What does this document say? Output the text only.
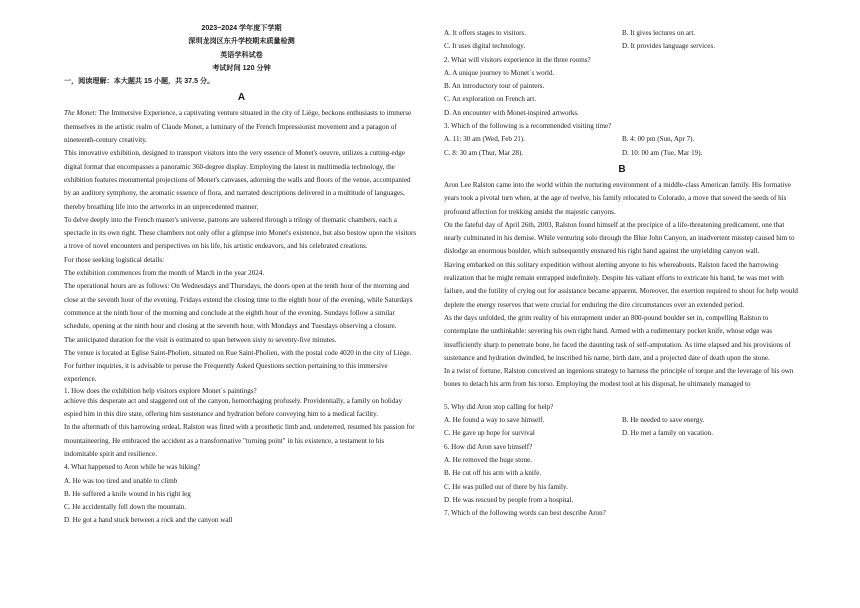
2023−2024 学年度下学期

深圳龙岗区东升学校期末质量检测

英语学科试卷

考试时间 120 分钟

一，阅读理解：本大题共 15 小题，共 37.5 分。

A

The Monet: The Immersive Experience, a captivating venture situated in the city of Liège, beckons enthusiasts to immerse themselves in the artistic realm of Claude Monet, a luminary of the French Impressionist movement and a paragon of nineteenth-century creativity.

This innovative exhibition, designed to transport visitors into the very essence of Monet's oeuvre, utilizes a cutting-edge digital format that encompasses a panoramic 360-degree display. Employing the latest in multimedia technology, the exhibition features monumental projections of Monet's canvases, adorning the walls and floors of the venue, accompanied by an auditory symphony, the aromatic essence of flora, and narrated descriptions delivered in a multitude of languages, thereby breathing life into the artworks in an unprecedented manner.

To delve deeply into the French master's universe, patrons are ushered through a trilogy of thematic chambers, each a spectacle in its own right. These chambers not only offer a glimpse into Monet's existence, but also bestow upon the visitors a trove of novel encounters and perspectives on his life, his artistic endeavors, and his celebrated creations.

For those seeking logistical details:

The exhibition commences from the month of March in the year 2024.

The operational hours are as follows: On Wednesdays and Thursdays, the doors open at the tenth hour of the morning and close at the seventh hour of the evening. Fridays extend the closing time to the eighth hour of the evening, while Saturdays commence at the ninth hour of the morning and conclude at the eighth hour of the evening. Sundays follow a similar schedule, opening at the ninth hour and closing at the seventh hour, with Mondays and Tuesdays observing a closure.

The anticipated duration for the visit is estimated to span between sixty to seventy-five minutes.

The venue is located at Eglise Saint-Pholien, situated on Rue Saint-Pholien, with the postal code 4020 in the city of Liège.

For further inquiries, it is advisable to peruse the Frequently Asked Questions section pertaining to this immersive experience.

1. How does the exhibition help visitors explore Monet΄s paintings?

achieve this desperate act and staggered out of the canyon, hemorrhaging profusely. Providentially, a family on holiday espied him in this dire state, offering him sustenance and hydration before conveying him to a medical facility.

In the aftermath of this harrowing ordeal, Ralston was fitted with a prosthetic limb and, undeterred, resumed his passion for mountaineering. He embraced the accident as a transformative "turning point" in his existence, a testament to his indomitable spirit and resilience.

4. What happened to Aron while he was hiking?

A. He was too tired and unable to climb

B. He suffered a knife wound in his right leg

C. He accidentally fell down the mountain.

D. He got a hand stuck between a rock and the canyon wall

A. It offers stages to visitors.	B. It gives lectures on art.
C. It uses digital technology.	D. It provides language services.

2. What will visitors experience in the three rooms?

A. A unique journey to Monet΄s world.

B. An introductory tour of painters.

C. An exploration on French art.

D. An encounter with Monet-inspired artworks.

3. Which of the following is a recommended visiting time?

A. 11: 30 am (Wed, Feb 21).	B. 4: 00 pm (Sun, Apr 7).
C. 8: 30 am (Thur, Mar 28).	D. 10: 00 am (Tue, Mar 19).

B

Aron Lee Ralston came into the world within the nurturing environment of a middle-class American family. His formative years took a pivotal turn when, at the age of twelve, his family relocated to Colorado, a move that sowed the seeds of his profound affection for trekking amidst the majestic canyons.

On the fateful day of April 26th, 2003, Ralston found himself at the precipice of a life-threatening predicament, one that nearly culminated in his demise. While venturing solo through the Blue John Canyon, an inadvertent misstep caused him to dislodge an enormous boulder, which subsequently ensnared his right hand against the unyielding canyon wall.

Having embarked on this solitary expedition without alerting anyone to his whereabouts, Ralston faced the harrowing realization that he might remain entrapped indefinitely. Despite his valiant efforts to extricate his hand, he was met with failure, and the futility of crying out for assistance became apparent. Moreover, the exertion required to shout for help would deplete the energy reserves that were crucial for enduring the dire circumstances over an extended period.

As the days unfolded, the grim reality of his entrapment under an 800-pound boulder set in, compelling Ralston to contemplate the unthinkable: severing his own right hand. Armed with a rudimentary pocket knife, whose edge was insufficiently sharp to penetrate bone, he faced the daunting task of self-amputation. As time elapsed and his provisions of sustenance and hydration dwindled, he inscribed his name, birth date, and a projected date of death upon the stone.

In a twist of fortune, Ralston conceived an ingenious strategy to harness the principle of torque and the leverage of his own bones to detach his arm from his torso. Employing the modest tool at his disposal, he ultimately managed to

5. Why did Aron stop calling for help?

A. He found a way to save himself.	B. He needed to save energy.
C. He gave up hope for survival	D. He met a family on vacation.

6. How did Aron save himself?

A. He removed the huge stone.

B. He cut off his arm with a knife.

C. He was pulled out of there by his family.

D. He was rescued by people from a hospital.

7. Which of the following words can best describe Aron?
